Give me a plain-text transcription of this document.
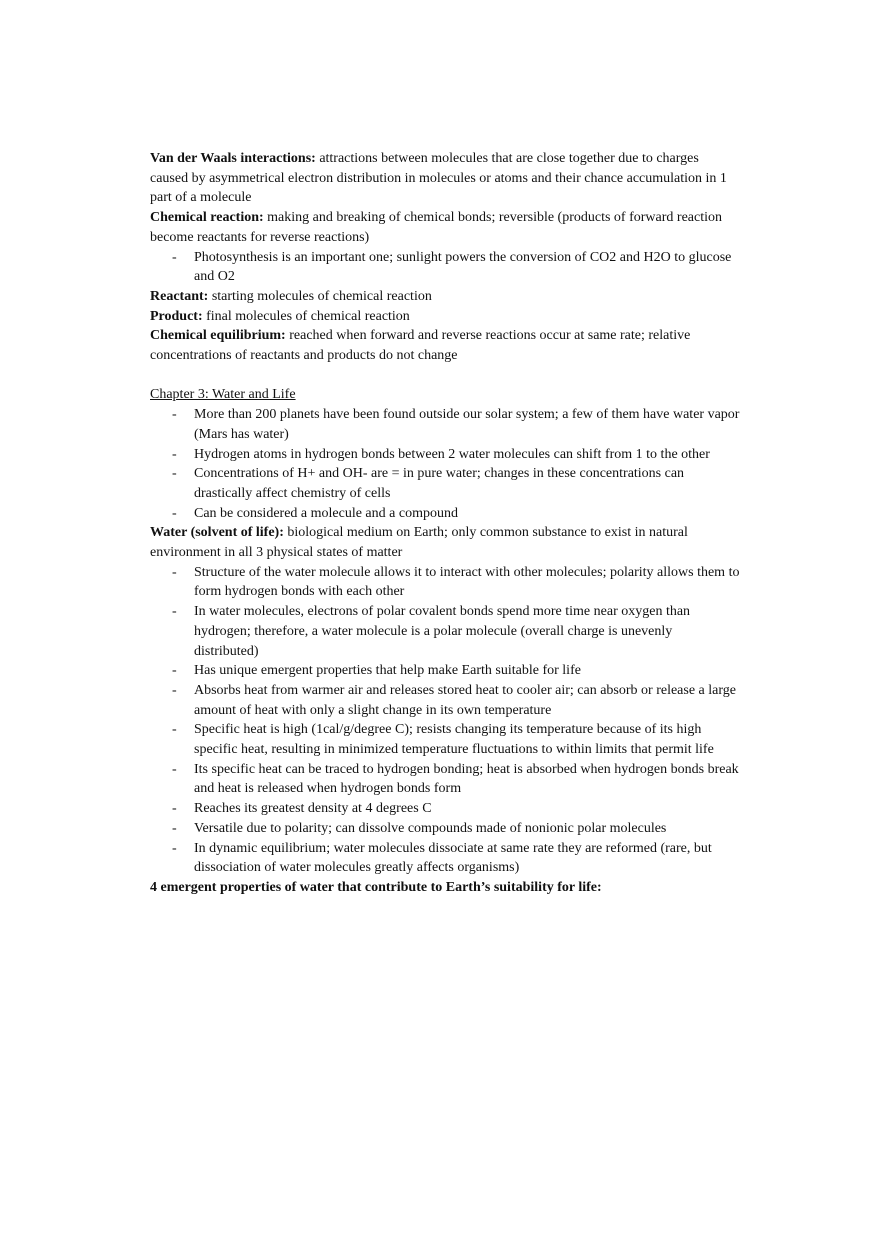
Van der Waals interactions: attractions between molecules that are close together due to charges caused by asymmetrical electron distribution in molecules or atoms and their chance accumulation in 1 part of a molecule

Chemical reaction: making and breaking of chemical bonds; reversible (products of forward reaction become reactants for reverse reactions)

- Photosynthesis is an important one; sunlight powers the conversion of CO2 and H2O to glucose and O2

Reactant: starting molecules of chemical reaction

Product: final molecules of chemical reaction

Chemical equilibrium: reached when forward and reverse reactions occur at same rate; relative concentrations of reactants and products do not change

Chapter 3: Water and Life

- More than 200 planets have been found outside our solar system; a few of them have water vapor (Mars has water)
- Hydrogen atoms in hydrogen bonds between 2 water molecules can shift from 1 to the other
- Concentrations of H+ and OH- are = in pure water; changes in these concentrations can drastically affect chemistry of cells
- Can be considered a molecule and a compound

Water (solvent of life): biological medium on Earth; only common substance to exist in natural environment in all 3 physical states of matter

- Structure of the water molecule allows it to interact with other molecules; polarity allows them to form hydrogen bonds with each other
- In water molecules, electrons of polar covalent bonds spend more time near oxygen than hydrogen; therefore, a water molecule is a polar molecule (overall charge is unevenly distributed)
- Has unique emergent properties that help make Earth suitable for life
- Absorbs heat from warmer air and releases stored heat to cooler air; can absorb or release a large amount of heat with only a slight change in its own temperature
- Specific heat is high (1cal/g/degree C); resists changing its temperature because of its high specific heat, resulting in minimized temperature fluctuations to within limits that permit life
- Its specific heat can be traced to hydrogen bonding; heat is absorbed when hydrogen bonds break and heat is released when hydrogen bonds form
- Reaches its greatest density at 4 degrees C
- Versatile due to polarity; can dissolve compounds made of nonionic polar molecules
- In dynamic equilibrium; water molecules dissociate at same rate they are reformed (rare, but dissociation of water molecules greatly affects organisms)

4 emergent properties of water that contribute to Earth’s suitability for life:
